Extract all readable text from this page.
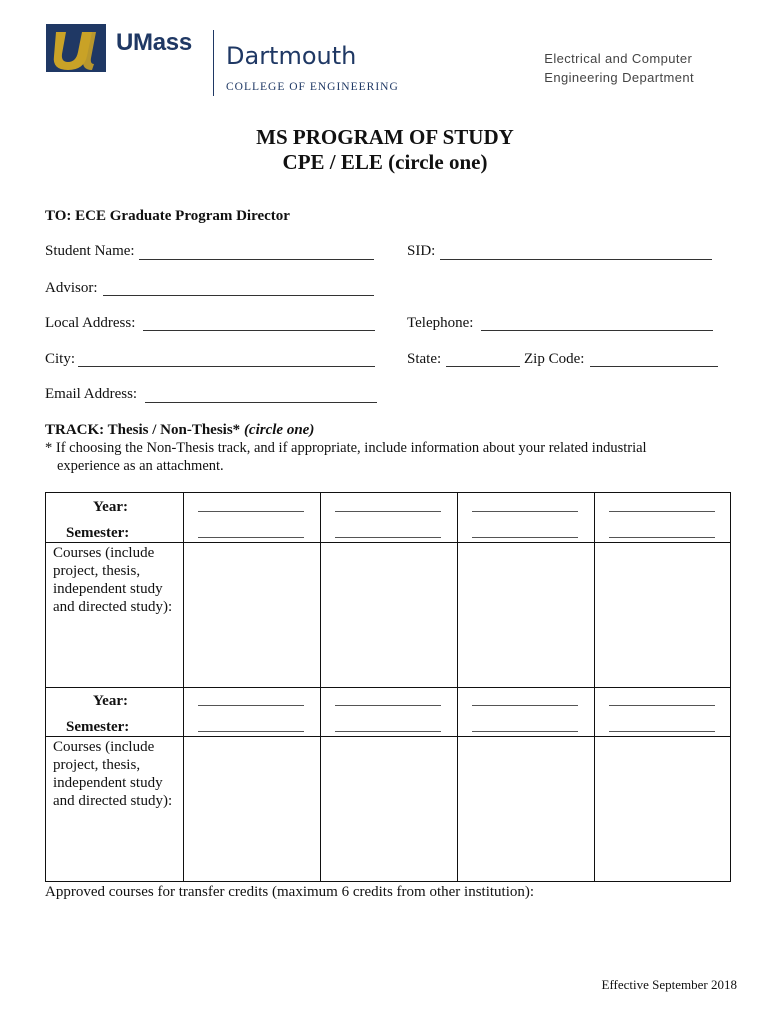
UMass Dartmouth
COLLEGE OF ENGINEERING
Electrical and Computer
Engineering Department
MS PROGRAM OF STUDY
CPE / ELE (circle one)
TO: ECE Graduate Program Director
Student Name:	SID:
Advisor:
Local Address:	Telephone:
City:	State:	Zip Code:
Email Address:
TRACK: Thesis / Non-Thesis* (circle one)
* If choosing the Non-Thesis track, and if appropriate, include information about your related industrial
experience as an attachment.
Year:
Semester:
Courses (include
project, thesis,
independent study
and directed study):
Year:
Semester:
Courses (include
project, thesis,
independent study
and directed study):
Approved courses for transfer credits (maximum 6 credits from other institution):
Effective September 2018
